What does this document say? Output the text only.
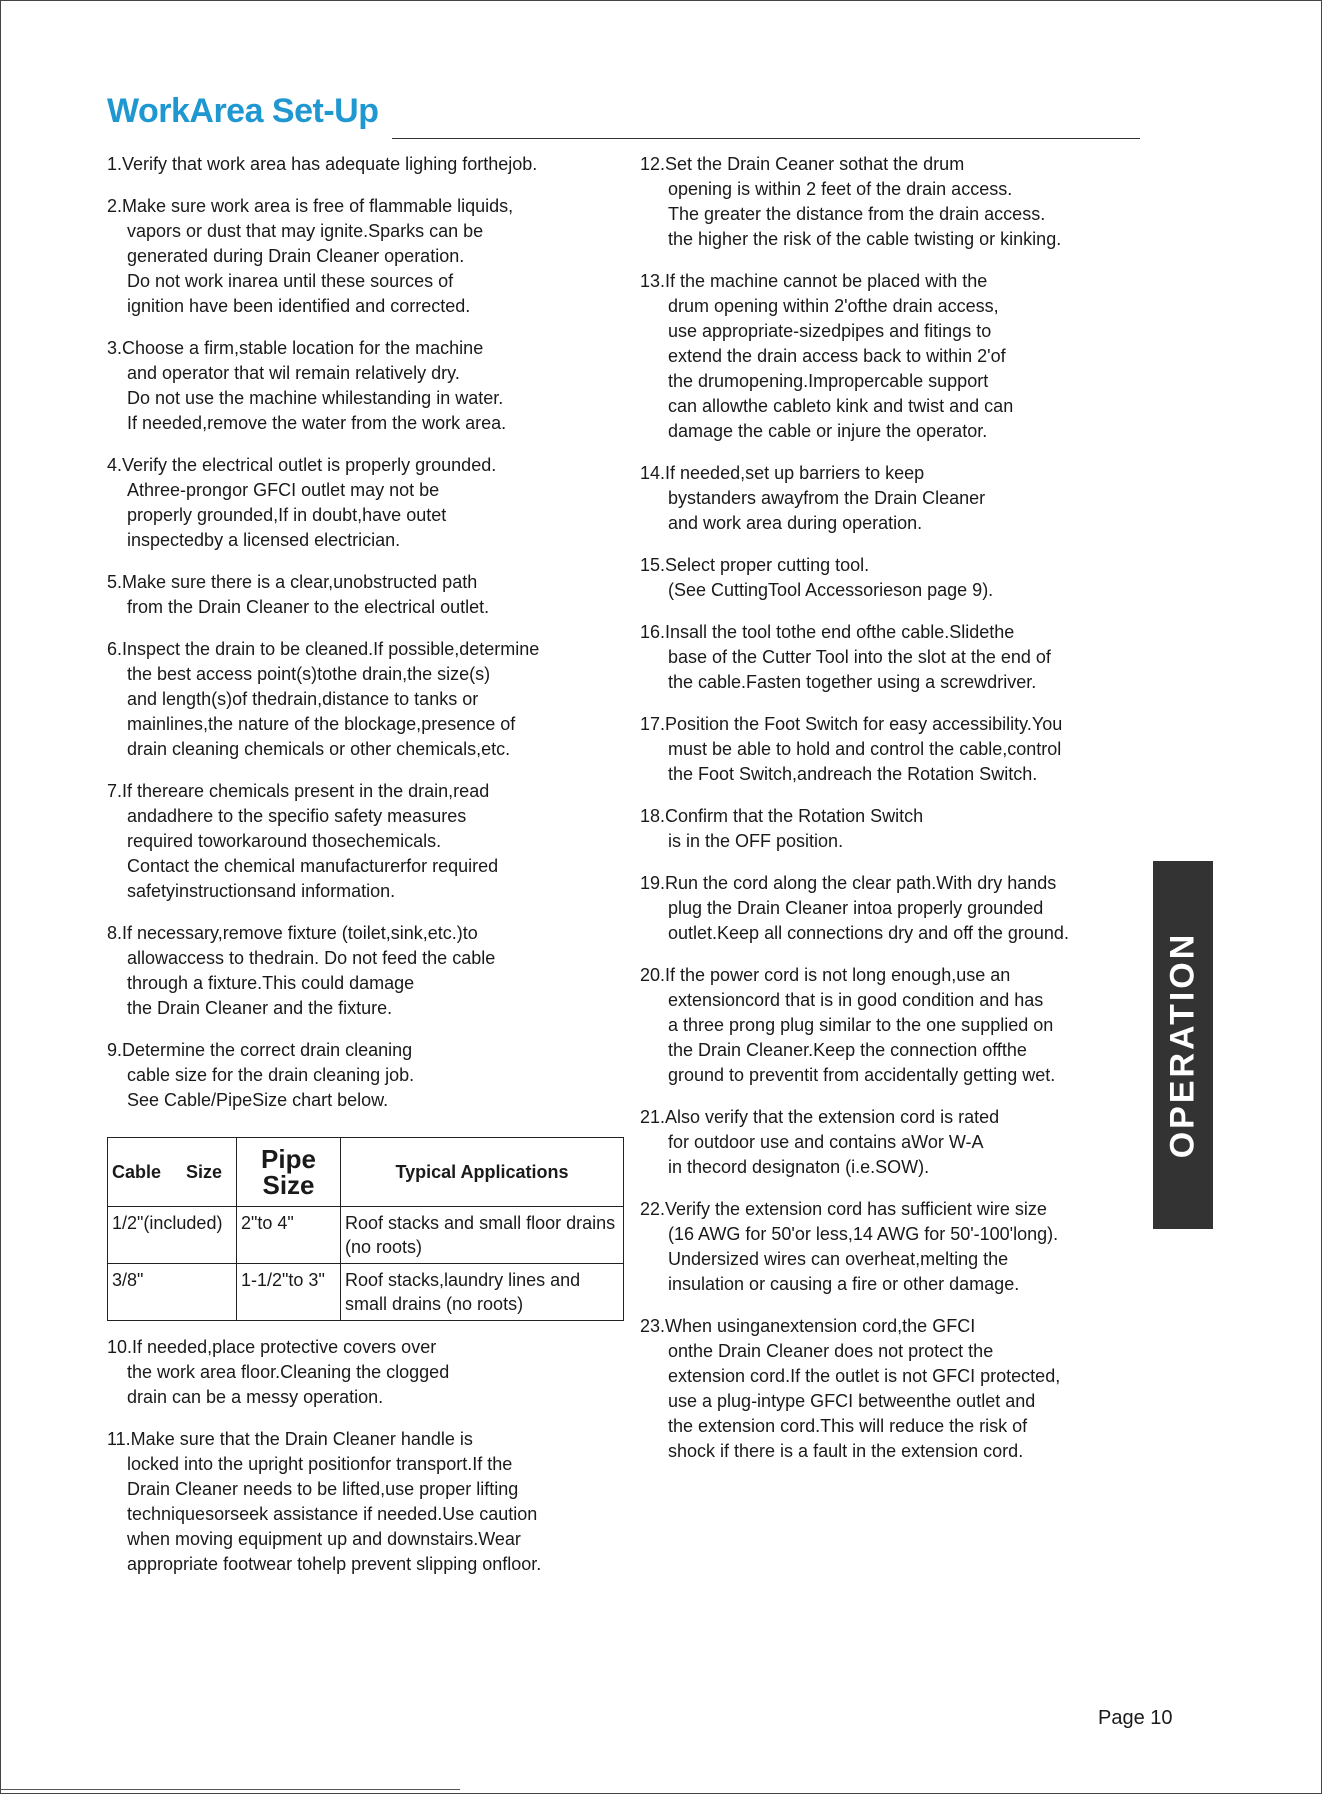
WorkArea Set-Up
1.Verify that work area has adequate lighing forthejob.
2.Make sure work area is free of flammable liquids,
vapors or dust that may ignite.Sparks can be
generated during Drain Cleaner operation.
Do not work inarea until these sources of
ignition have been identified and corrected.
3.Choose a firm,stable location for the machine
and operator that wil remain relatively dry.
Do not use the machine whilestanding in water.
If needed,remove the water from the work area.
4.Verify the electrical outlet is properly grounded.
Athree-prongor GFCI outlet may not be
properly grounded,If in doubt,have outet
inspectedby a licensed electrician.
5.Make sure there is a clear,unobstructed path
from the Drain Cleaner to the electrical outlet.
6.Inspect the drain to be cleaned.If possible,determine
the best access point(s)tothe drain,the size(s)
and length(s)of thedrain,distance to tanks or
mainlines,the nature of the blockage,presence of
drain cleaning chemicals or other chemicals,etc.
7.If thereare chemicals present in the drain,read
andadhere to the specifio safety measures
required toworkaround thosechemicals.
Contact the chemical manufacturerfor required
safetyinstructionsand information.
8.If necessary,remove fixture (toilet,sink,etc.)to
allowaccess to thedrain. Do not feed the cable
through a fixture.This could damage
the Drain Cleaner and the fixture.
9.Determine the correct drain cleaning
cable size for the drain cleaning job.
See Cable/PipeSize chart below.
Cable Size	Pipe Size	Typical Applications
1/2"(included)	2"to 4"	Roof stacks and small floor drains (no roots)
3/8"	1-1/2"to 3"	Roof stacks,laundry lines and small drains (no roots)
10.If needed,place protective covers over
the work area floor.Cleaning the clogged
drain can be a messy operation.
11.Make sure that the Drain Cleaner handle is
locked into the upright positionfor transport.If the
Drain Cleaner needs to be lifted,use proper lifting
techniquesorseek assistance if needed.Use caution
when moving equipment up and downstairs.Wear
appropriate footwear tohelp prevent slipping onfloor.
12.Set the Drain Ceaner sothat the drum
opening is within 2 feet of the drain access.
The greater the distance from the drain access.
the higher the risk of the cable twisting or kinking.
13.If the machine cannot be placed with the
drum opening within 2'ofthe drain access,
use appropriate-sizedpipes and fitings to
extend the drain access back to within 2'of
the drumopening.Impropercable support
can allowthe cableto kink and twist and can
damage the cable or injure the operator.
14.If needed,set up barriers to keep
bystanders awayfrom the Drain Cleaner
and work area during operation.
15.Select proper cutting tool.
(See CuttingTool Accessorieson page 9).
16.Insall the tool tothe end ofthe cable.Slidethe
base of the Cutter Tool into the slot at the end of
the cable.Fasten together using a screwdriver.
17.Position the Foot Switch for easy accessibility.You
must be able to hold and control the cable,control
the Foot Switch,andreach the Rotation Switch.
18.Confirm that the Rotation Switch
is in the OFF position.
19.Run the cord along the clear path.With dry hands
plug the Drain Cleaner intoa properly grounded
outlet.Keep all connections dry and off the ground.
20.If the power cord is not long enough,use an
extensioncord that is in good condition and has
a three prong plug similar to the one supplied on
the Drain Cleaner.Keep the connection offthe
ground to preventit from accidentally getting wet.
21.Also verify that the extension cord is rated
for outdoor use and contains aWor W-A
in thecord designaton (i.e.SOW).
22.Verify the extension cord has sufficient wire size
(16 AWG for 50'or less,14 AWG for 50'-100'long).
Undersized wires can overheat,melting the
insulation or causing a fire or other damage.
23.When usinganextension cord,the GFCI
onthe Drain Cleaner does not protect the
extension cord.If the outlet is not GFCI protected,
use a plug-intype GFCI betweenthe outlet and
the extension cord.This will reduce the risk of
shock if there is a fault in the extension cord.
OPERATION
Page 10
